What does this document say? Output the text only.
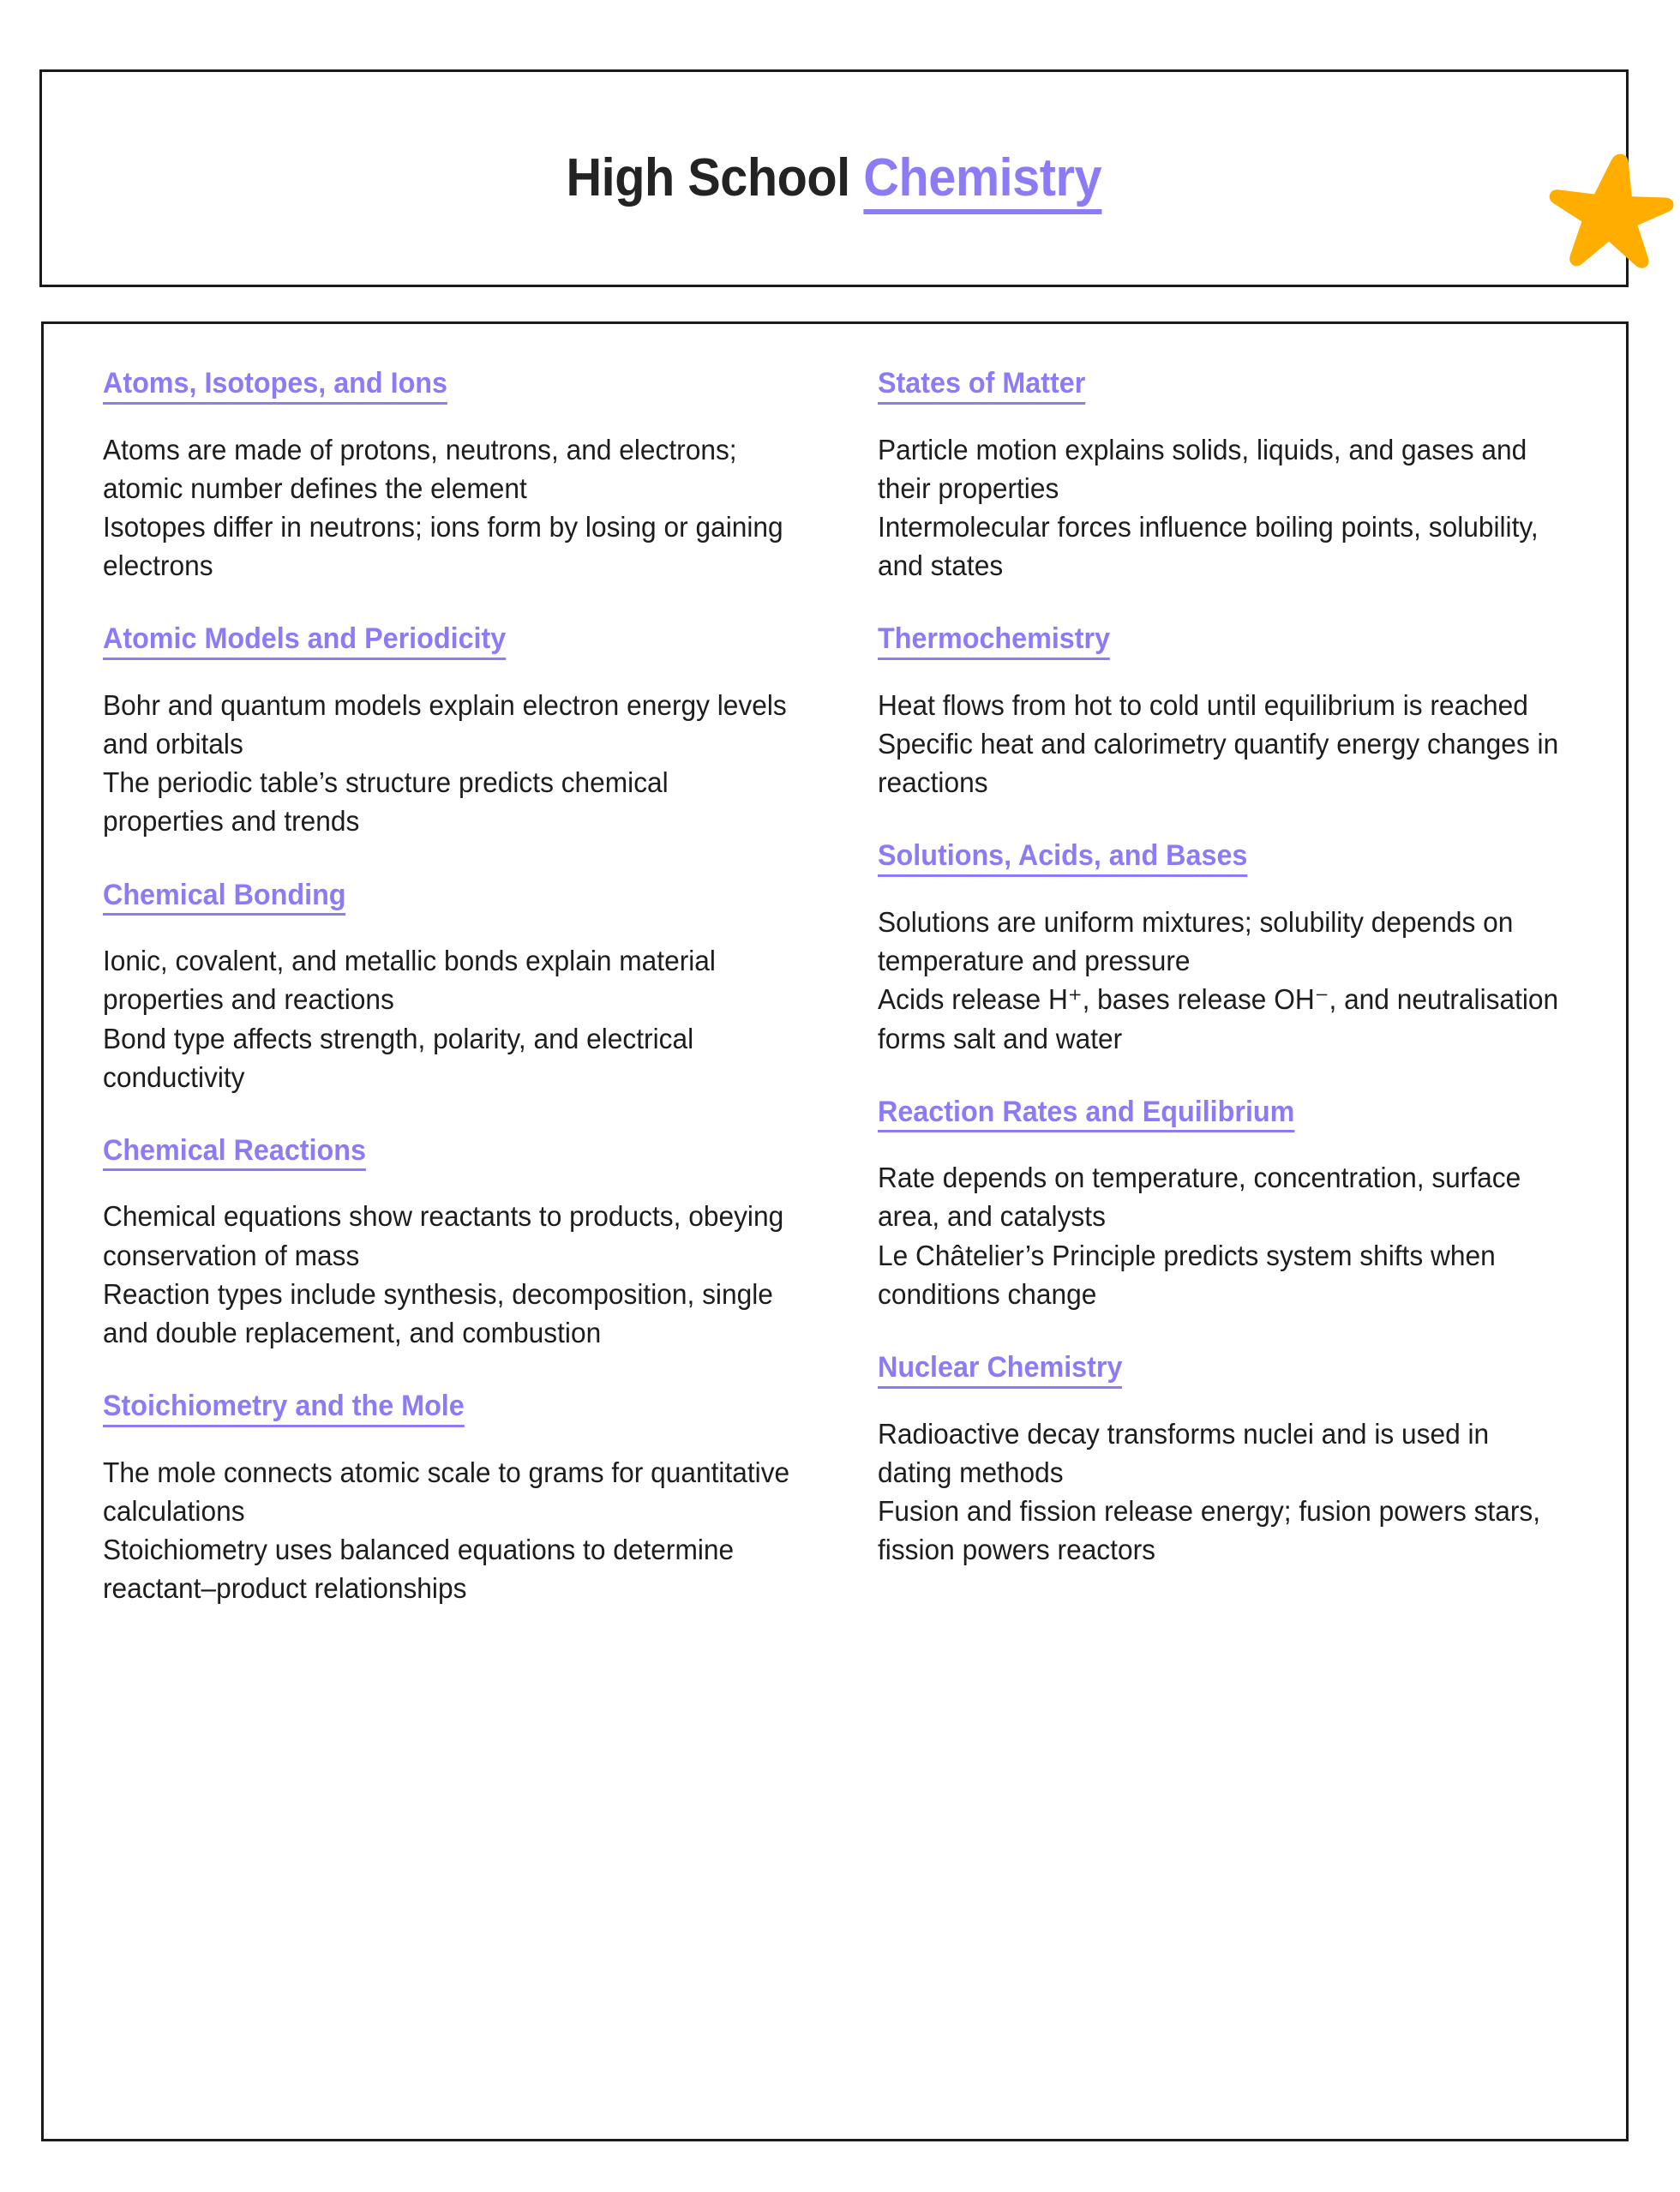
High School Chemistry
Atoms, Isotopes, and Ions

Atoms are made of protons, neutrons, and electrons; atomic number defines the element

Isotopes differ in neutrons; ions form by losing or gaining electrons

Atomic Models and Periodicity

Bohr and quantum models explain electron energy levels and orbitals

The periodic table’s structure predicts chemical properties and trends

Chemical Bonding

Ionic, covalent, and metallic bonds explain material properties and reactions

Bond type affects strength, polarity, and electrical conductivity

Chemical Reactions

Chemical equations show reactants to products, obeying conservation of mass

Reaction types include synthesis, decomposition, single and double replacement, and combustion

Stoichiometry and the Mole

The mole connects atomic scale to grams for quantitative calculations

Stoichiometry uses balanced equations to determine reactant–product relationships

States of Matter

Particle motion explains solids, liquids, and gases and their properties

Intermolecular forces influence boiling points, solubility, and states

Thermochemistry

Heat flows from hot to cold until equilibrium is reached

Specific heat and calorimetry quantify energy changes in reactions

Solutions, Acids, and Bases

Solutions are uniform mixtures; solubility depends on temperature and pressure

Acids release H⁺, bases release OH⁻, and neutralisation forms salt and water

Reaction Rates and Equilibrium

Rate depends on temperature, concentration, surface area, and catalysts

Le Châtelier’s Principle predicts system shifts when conditions change

Nuclear Chemistry

Radioactive decay transforms nuclei and is used in dating methods

Fusion and fission release energy; fusion powers stars, fission powers reactors
